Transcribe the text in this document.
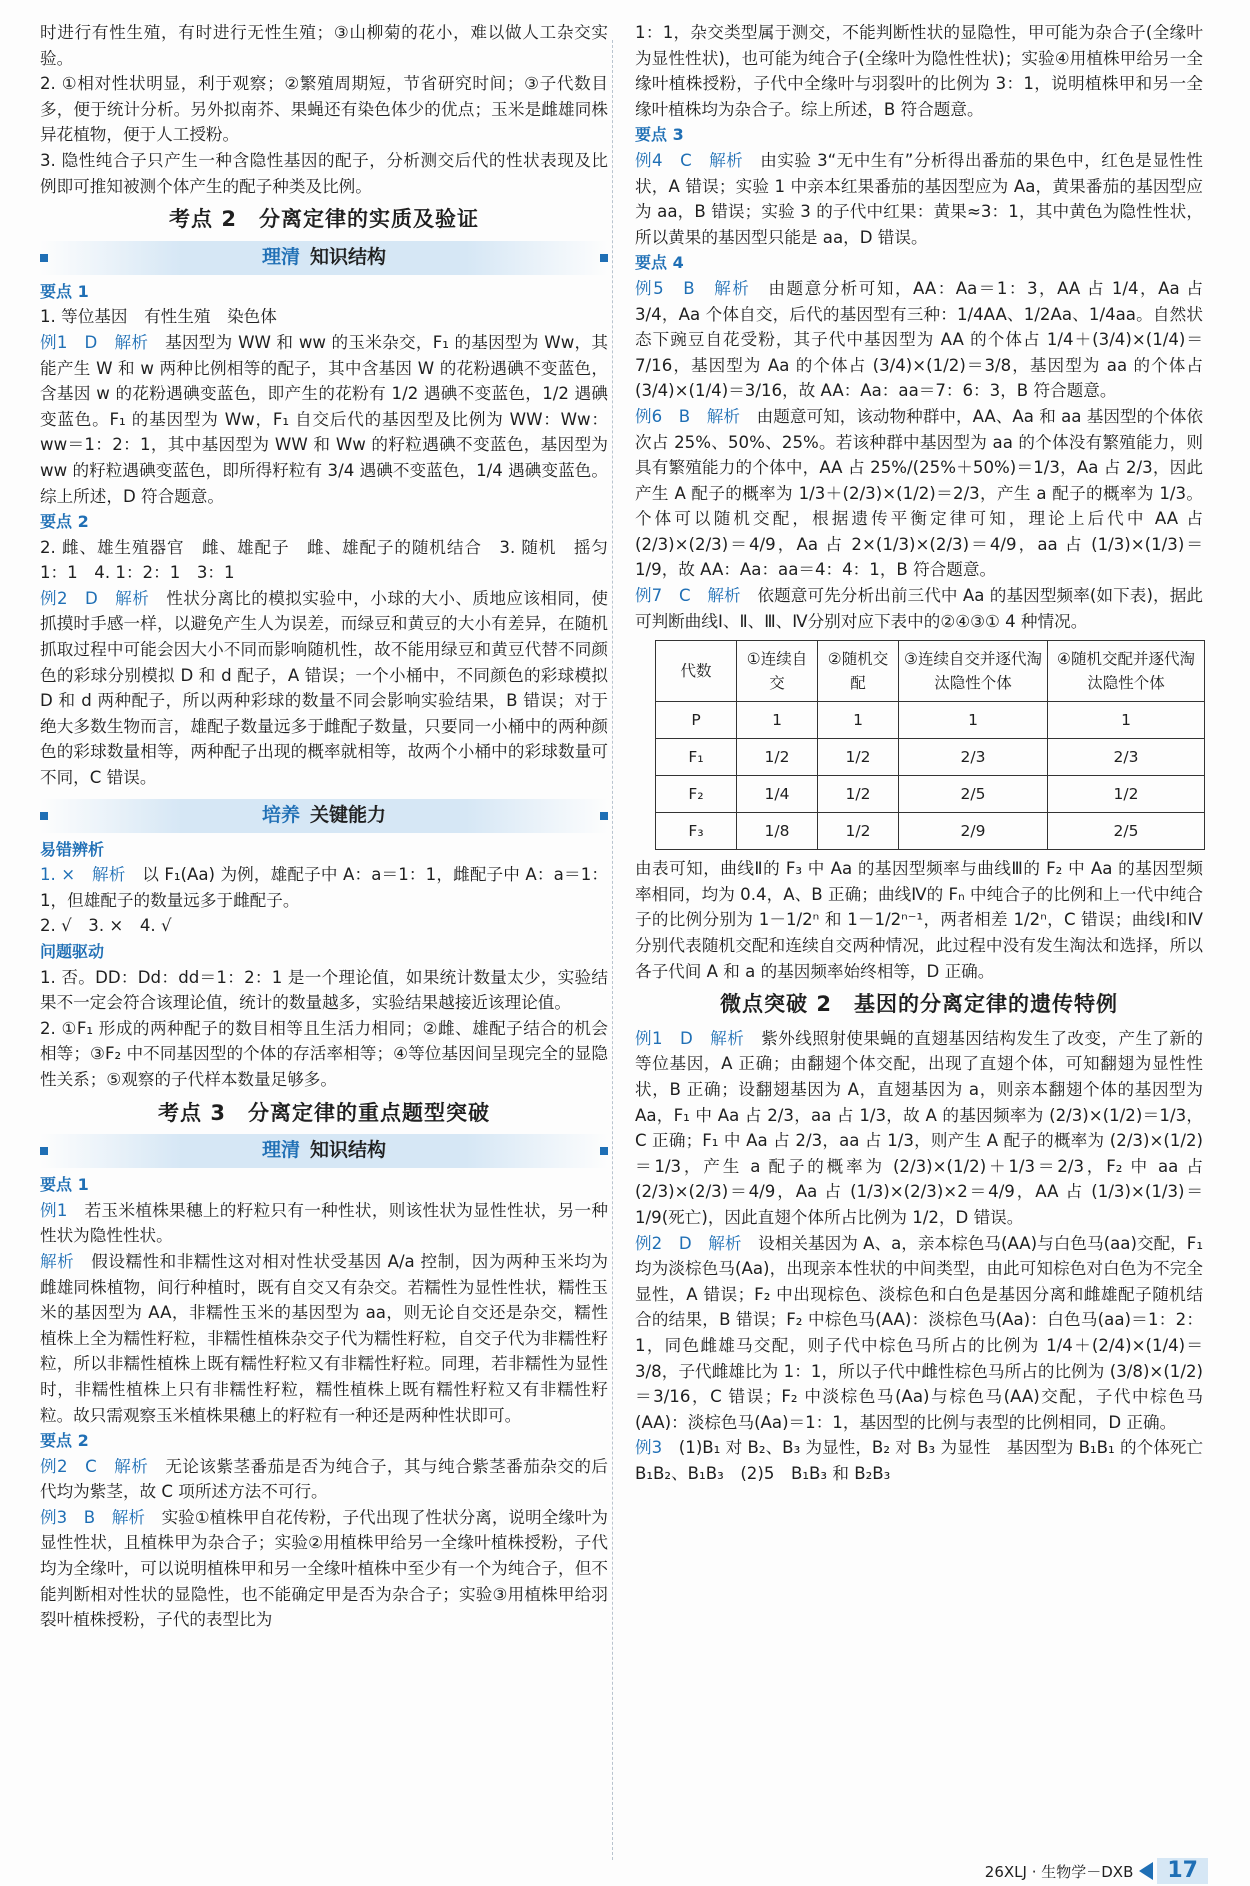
时进行有性生殖，有时进行无性生殖；③山柳菊的花小，难以做人工杂交实验。

2. ①相对性状明显，利于观察；②繁殖周期短，节省研究时间；③子代数目多，便于统计分析。另外拟南芥、果蝇还有染色体少的优点；玉米是雌雄同株异花植物，便于人工授粉。

3. 隐性纯合子只产生一种含隐性基因的配子，分析测交后代的性状表现及比例即可推知被测个体产生的配子种类及比例。

考点 2　分离定律的实质及验证
理清 知识结构
要点 1

1. 等位基因　有性生殖　染色体

例1　D　解析　 基因型为 WW 和 ww 的玉米杂交，F₁ 的基因型为 Ww，其能产生 W 和 w 两种比例相等的配子，其中含基因 W 的花粉遇碘不变蓝色，含基因 w 的花粉遇碘变蓝色，即产生的花粉有 1/2 遇碘不变蓝色，1/2 遇碘变蓝色。F₁ 的基因型为 Ww，F₁ 自交后代的基因型及比例为 WW：Ww：ww＝1：2：1，其中基因型为 WW 和 Ww 的籽粒遇碘不变蓝色，基因型为 ww 的籽粒遇碘变蓝色，即所得籽粒有 3/4 遇碘不变蓝色，1/4 遇碘变蓝色。综上所述，D 符合题意。

要点 2

2. 雌、雄生殖器官　雌、雄配子　雌、雄配子的随机结合　3. 随机　摇匀　1：1　4. 1：2：1　3：1

例2　D　解析　 性状分离比的模拟实验中，小球的大小、质地应该相同，使抓摸时手感一样，以避免产生人为误差，而绿豆和黄豆的大小有差异，在随机抓取过程中可能会因大小不同而影响随机性，故不能用绿豆和黄豆代替不同颜色的彩球分别模拟 D 和 d 配子，A 错误；一个小桶中，不同颜色的彩球模拟 D 和 d 两种配子，所以两种彩球的数量不同会影响实验结果，B 错误；对于绝大多数生物而言，雄配子数量远多于雌配子数量，只要同一小桶中的两种颜色的彩球数量相等，两种配子出现的概率就相等，故两个小桶中的彩球数量可不同，C 错误。

培养 关键能力
易错辨析

1. ×　解析　 以 F₁(Aa) 为例，雄配子中 A：a＝1：1，雌配子中 A：a＝1：1，但雄配子的数量远多于雌配子。

2. √　3. ×　4. √

问题驱动

1. 否。DD：Dd：dd＝1：2：1 是一个理论值，如果统计数量太少，实验结果不一定会符合该理论值，统计的数量越多，实验结果越接近该理论值。

2. ①F₁ 形成的两种配子的数目相等且生活力相同；②雌、雄配子结合的机会相等；③F₂ 中不同基因型的个体的存活率相等；④等位基因间呈现完全的显隐性关系；⑤观察的子代样本数量足够多。

考点 3　分离定律的重点题型突破
理清 知识结构
要点 1

例1　 若玉米植株果穗上的籽粒只有一种性状，则该性状为显性性状，另一种性状为隐性性状。

解析　 假设糯性和非糯性这对相对性状受基因 A/a 控制，因为两种玉米均为雌雄同株植物，间行种植时，既有自交又有杂交。若糯性为显性性状，糯性玉米的基因型为 AA，非糯性玉米的基因型为 aa，则无论自交还是杂交，糯性植株上全为糯性籽粒，非糯性植株杂交子代为糯性籽粒，自交子代为非糯性籽粒，所以非糯性植株上既有糯性籽粒又有非糯性籽粒。同理，若非糯性为显性时，非糯性植株上只有非糯性籽粒，糯性植株上既有糯性籽粒又有非糯性籽粒。故只需观察玉米植株果穗上的籽粒有一种还是两种性状即可。

要点 2

例2　C　解析　 无论该紫茎番茄是否为纯合子，其与纯合紫茎番茄杂交的后代均为紫茎，故 C 项所述方法不可行。

例3　B　解析　 实验①植株甲自花传粉，子代出现了性状分离，说明全缘叶为显性性状，且植株甲为杂合子；实验②用植株甲给另一全缘叶植株授粉，子代均为全缘叶，可以说明植株甲和另一全缘叶植株中至少有一个为纯合子，但不能判断相对性状的显隐性，也不能确定甲是否为杂合子；实验③用植株甲给羽裂叶植株授粉，子代的表型比为

1：1，杂交类型属于测交，不能判断性状的显隐性，甲可能为杂合子(全缘叶为显性性状)，也可能为纯合子(全缘叶为隐性性状)；实验④用植株甲给另一全缘叶植株授粉，子代中全缘叶与羽裂叶的比例为 3：1，说明植株甲和另一全缘叶植株均为杂合子。综上所述，B 符合题意。

要点 3

例4　C　解析　 由实验 3“无中生有”分析得出番茄的果色中，红色是显性性状，A 错误；实验 1 中亲本红果番茄的基因型应为 Aa，黄果番茄的基因型应为 aa，B 错误；实验 3 的子代中红果：黄果≈3：1，其中黄色为隐性性状，所以黄果的基因型只能是 aa，D 错误。

要点 4

例5　B　解析　 由题意分析可知，AA：Aa＝1：3，AA 占 1/4，Aa 占 3/4，Aa 个体自交，后代的基因型有三种：1/4AA、1/2Aa、1/4aa。自然状态下豌豆自花受粉，其子代中基因型为 AA 的个体占 1/4＋(3/4)×(1/4)＝7/16，基因型为 Aa 的个体占 (3/4)×(1/2)＝3/8，基因型为 aa 的个体占 (3/4)×(1/4)＝3/16，故 AA：Aa：aa＝7：6：3，B 符合题意。

例6　B　解析　 由题意可知，该动物种群中，AA、Aa 和 aa 基因型的个体依次占 25%、50%、25%。若该种群中基因型为 aa 的个体没有繁殖能力，则具有繁殖能力的个体中，AA 占 25%/(25%＋50%)＝1/3，Aa 占 2/3，因此产生 A 配子的概率为 1/3＋(2/3)×(1/2)＝2/3，产生 a 配子的概率为 1/3。个体可以随机交配，根据遗传平衡定律可知，理论上后代中 AA 占 (2/3)×(2/3)＝4/9，Aa 占 2×(1/3)×(2/3)＝4/9，aa 占 (1/3)×(1/3)＝1/9，故 AA：Aa：aa＝4：4：1，B 符合题意。

例7　C　解析　 依题意可先分析出前三代中 Aa 的基因型频率(如下表)，据此可判断曲线Ⅰ、Ⅱ、Ⅲ、Ⅳ分别对应下表中的②④③① 4 种情况。

代数	①连续自交	②随机交配	③连续自交并逐代淘汰隐性个体	④随机交配并逐代淘汰隐性个体
P	1	1	1	1
F₁	1/2	1/2	2/3	2/3
F₂	1/4	1/2	2/5	1/2
F₃	1/8	1/2	2/9	2/5

由表可知，曲线Ⅱ的 F₃ 中 Aa 的基因型频率与曲线Ⅲ的 F₂ 中 Aa 的基因型频率相同，均为 0.4，A、B 正确；曲线Ⅳ的 Fₙ 中纯合子的比例和上一代中纯合子的比例分别为 1－1/2ⁿ 和 1－1/2ⁿ⁻¹，两者相差 1/2ⁿ，C 错误；曲线Ⅰ和Ⅳ分别代表随机交配和连续自交两种情况，此过程中没有发生淘汰和选择，所以各子代间 A 和 a 的基因频率始终相等，D 正确。

微点突破 2　基因的分离定律的遗传特例

例1　D　解析　 紫外线照射使果蝇的直翅基因结构发生了改变，产生了新的等位基因，A 正确；由翻翅个体交配，出现了直翅个体，可知翻翅为显性性状，B 正确；设翻翅基因为 A，直翅基因为 a，则亲本翻翅个体的基因型为 Aa，F₁ 中 Aa 占 2/3，aa 占 1/3，故 A 的基因频率为 (2/3)×(1/2)＝1/3，C 正确；F₁ 中 Aa 占 2/3，aa 占 1/3，则产生 A 配子的概率为 (2/3)×(1/2)＝1/3，产生 a 配子的概率为 (2/3)×(1/2)＋1/3＝2/3，F₂ 中 aa 占 (2/3)×(2/3)＝4/9，Aa 占 (1/3)×(2/3)×2＝4/9，AA 占 (1/3)×(1/3)＝1/9(死亡)，因此直翅个体所占比例为 1/2，D 错误。

例2　D　解析　 设相关基因为 A、a，亲本棕色马(AA)与白色马(aa)交配，F₁ 均为淡棕色马(Aa)，出现亲本性状的中间类型，由此可知棕色对白色为不完全显性，A 错误；F₂ 中出现棕色、淡棕色和白色是基因分离和雌雄配子随机结合的结果，B 错误；F₂ 中棕色马(AA)：淡棕色马(Aa)：白色马(aa)＝1：2：1，同色雌雄马交配，则子代中棕色马所占的比例为 1/4＋(2/4)×(1/4)＝3/8，子代雌雄比为 1：1，所以子代中雌性棕色马所占的比例为 (3/8)×(1/2)＝3/16，C 错误；F₂ 中淡棕色马(Aa)与棕色马(AA)交配，子代中棕色马(AA)：淡棕色马(Aa)＝1：1，基因型的比例与表型的比例相同，D 正确。

例3　 (1)B₁ 对 B₂、B₃ 为显性，B₂ 对 B₃ 为显性　基因型为 B₁B₁ 的个体死亡　B₁B₂、B₁B₃　(2)5　B₁B₃ 和 B₂B₃

26XLJ · 生物学－DXB	17
